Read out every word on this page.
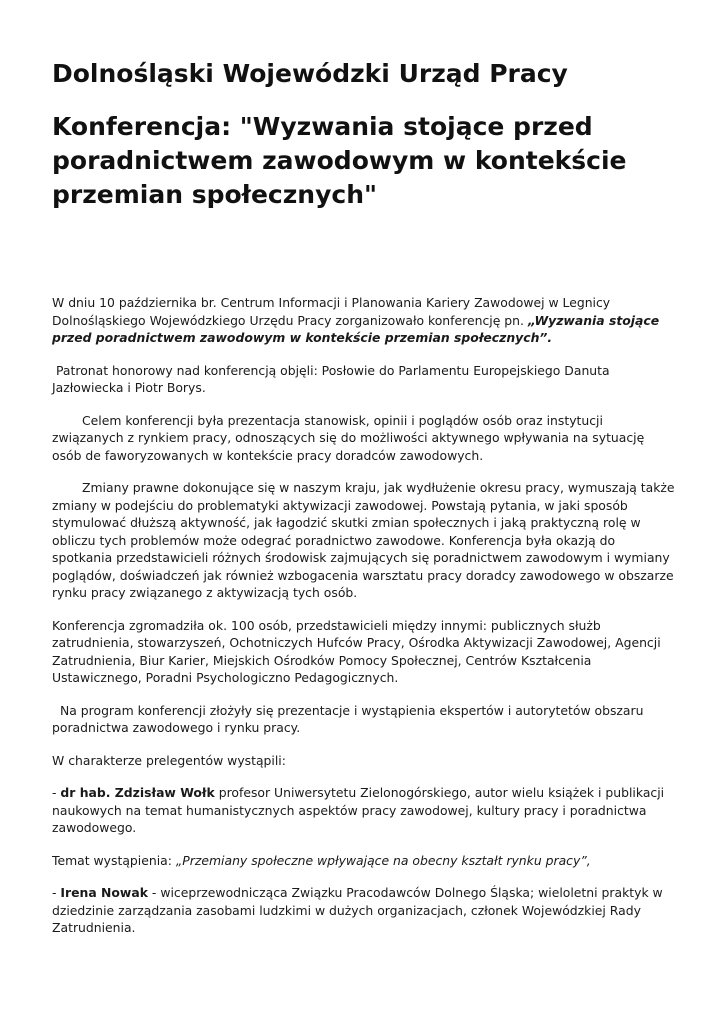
Dolnośląski Wojewódzki Urząd Pracy
Konferencja: "Wyzwania stojące przed poradnictwem zawodowym w kontekście przemian społecznych"

W dniu 10 października br. Centrum Informacji i Planowania Kariery Zawodowej w Legnicy Dolnośląskiego Wojewódzkiego Urzędu Pracy zorganizowało konferencję pn. „Wyzwania stojące przed poradnictwem zawodowym w kontekście przemian społecznych”.

Patronat honorowy nad konferencją objęli: Posłowie do Parlamentu Europejskiego Danuta Jazłowiecka i Piotr Borys.

Celem konferencji była prezentacja stanowisk, opinii i poglądów osób oraz instytucji związanych z rynkiem pracy, odnoszących się do możliwości aktywnego wpływania na sytuację osób de faworyzowanych w kontekście pracy doradców zawodowych.

Zmiany prawne dokonujące się w naszym kraju, jak wydłużenie okresu pracy, wymuszają także zmiany w podejściu do problematyki aktywizacji zawodowej. Powstają pytania, w jaki sposób stymulować dłuższą aktywność, jak łagodzić skutki zmian społecznych i jaką praktyczną rolę w obliczu tych problemów może odegrać poradnictwo zawodowe. Konferencja była okazją do spotkania przedstawicieli różnych środowisk zajmujących się poradnictwem zawodowym i wymiany poglądów, doświadczeń jak również wzbogacenia warsztatu pracy doradcy zawodowego w obszarze rynku pracy związanego z aktywizacją tych osób.

Konferencja zgromadziła ok. 100 osób, przedstawicieli między innymi: publicznych służb zatrudnienia, stowarzyszeń, Ochotniczych Hufców Pracy, Ośrodka Aktywizacji Zawodowej, Agencji Zatrudnienia, Biur Karier, Miejskich Ośrodków Pomocy Społecznej, Centrów Kształcenia Ustawicznego, Poradni Psychologiczno Pedagogicznych.

Na program konferencji złożyły się prezentacje i wystąpienia ekspertów i autorytetów obszaru poradnictwa zawodowego i rynku pracy.

W charakterze prelegentów wystąpili:

- dr hab. Zdzisław Wołk profesor Uniwersytetu Zielonogórskiego, autor wielu książek i publikacji naukowych na temat humanistycznych aspektów pracy zawodowej, kultury pracy i poradnictwa zawodowego.

Temat wystąpienia: „Przemiany społeczne wpływające na obecny kształt rynku pracy”,

- Irena Nowak - wiceprzewodnicząca Związku Pracodawców Dolnego Śląska; wieloletni praktyk w dziedzinie zarządzania zasobami ludzkimi w dużych organizacjach, członek Wojewódzkiej Rady Zatrudnienia.
